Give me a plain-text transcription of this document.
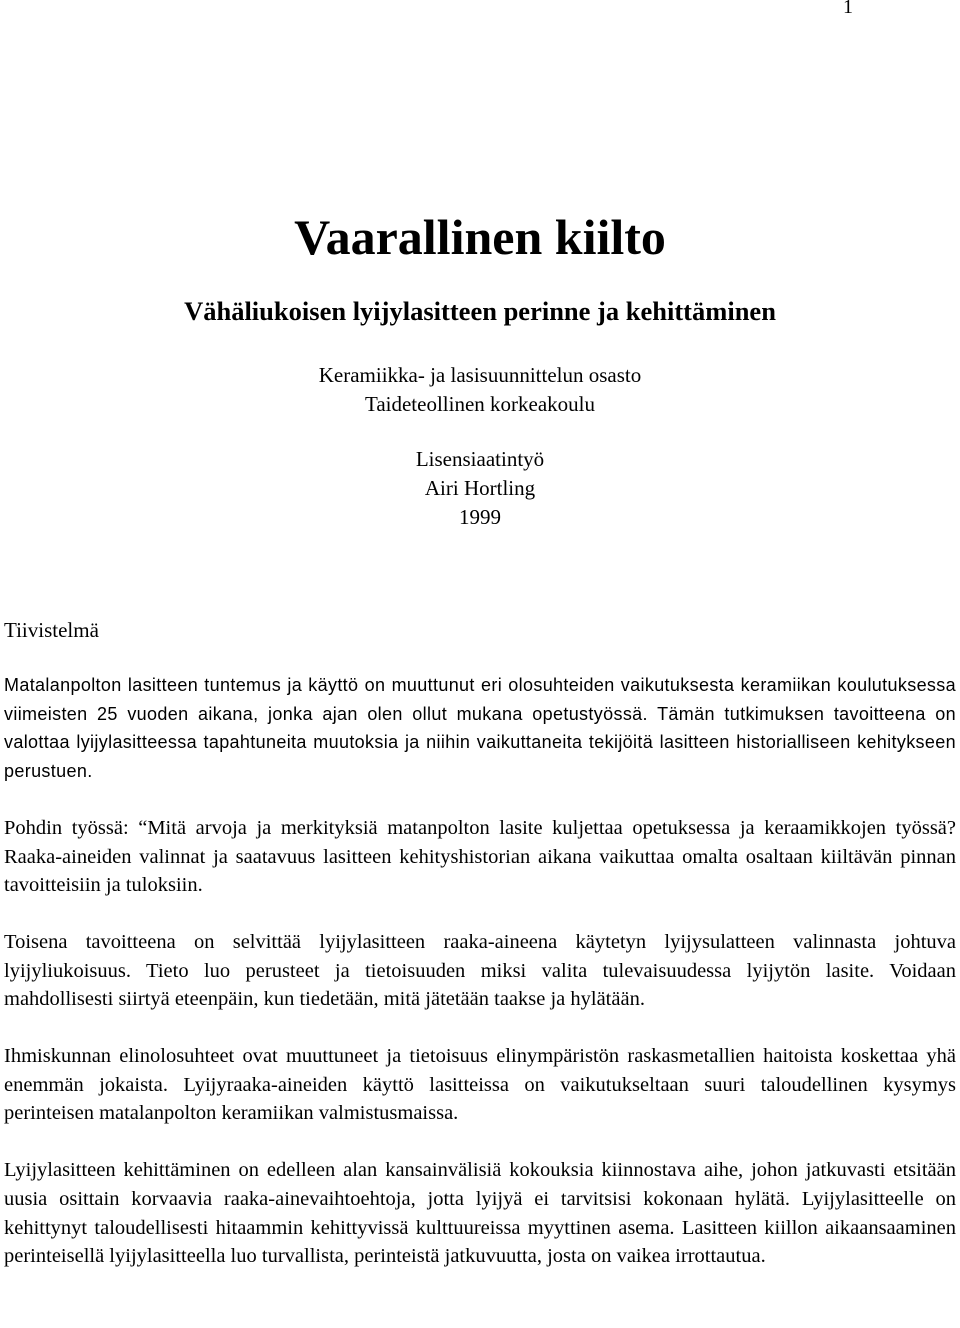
1
Vaarallinen kiilto
Vähäliukoisen lyijylasitteen perinne ja kehittäminen
Keramiikka- ja lasisuunnittelun osasto
Taideteollinen korkeakoulu
Lisensiaatintyö
Airi Hortling
1999
Tiivistelmä

Matalanpolton lasitteen tuntemus ja käyttö on muuttunut eri olosuhteiden vaikutuksesta keramiikan koulutuksessa viimeisten 25 vuoden aikana, jonka ajan olen ollut mukana opetustyössä. Tämän tutkimuksen tavoitteena on valottaa lyijylasitteessa tapahtuneita muutoksia ja niihin vaikuttaneita tekijöitä lasitteen historialliseen kehitykseen perustuen.

Pohdin työssä: “Mitä arvoja ja merkityksiä matanpolton lasite kuljettaa opetuksessa ja keraamikkojen työssä? Raaka-aineiden valinnat ja saatavuus lasitteen kehityshistorian aikana vaikuttaa omalta osaltaan kiiltävän pinnan tavoitteisiin ja tuloksiin.

Toisena tavoitteena on selvittää lyijylasitteen raaka-aineena käytetyn lyijysulatteen valinnasta johtuva lyijyliukoisuus. Tieto luo perusteet ja tietoisuuden miksi valita tulevaisuudessa lyijytön lasite. Voidaan mahdollisesti siirtyä eteenpäin, kun tiedetään, mitä jätetään taakse ja hylätään.

Ihmiskunnan elinolosuhteet ovat muuttuneet ja tietoisuus elinympäristön raskasmetallien haitoista koskettaa yhä enemmän jokaista. Lyijyraaka-aineiden käyttö lasitteissa on vaikutukseltaan suuri taloudellinen kysymys perinteisen matalanpolton keramiikan valmistusmaissa.

Lyijylasitteen kehittäminen on edelleen alan kansainvälisiä kokouksia kiinnostava aihe, johon jatkuvasti etsitään uusia osittain korvaavia raaka-ainevaihtoehtoja, jotta lyijyä ei tarvitsisi kokonaan hylätä. Lyijylasitteelle on kehittynyt taloudellisesti hitaammin kehittyvissä kulttuureissa myyttinen asema. Lasitteen kiillon aikaansaaminen perinteisellä lyijylasitteella luo turvallista, perinteistä jatkuvuutta, josta on vaikea irrottautua.
